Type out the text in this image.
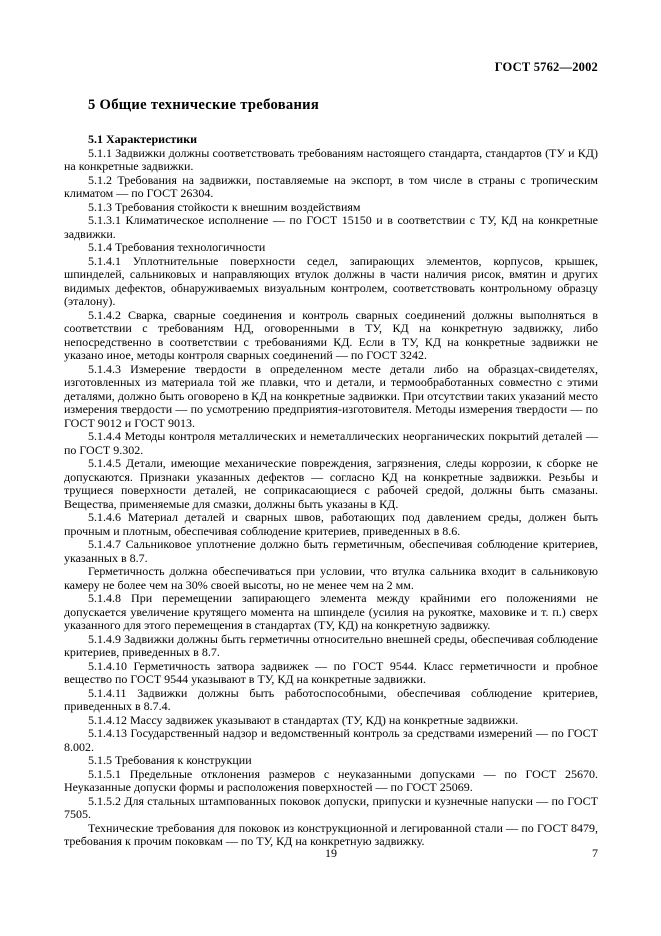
ГОСТ 5762—2002
5 Общие технические требования
5.1 Характеристики

5.1.1 Задвижки должны соответствовать требованиям настоящего стандарта, стандартов (ТУ и КД) на конкретные задвижки.

5.1.2 Требования на задвижки, поставляемые на экспорт, в том числе в страны с тропическим климатом — по ГОСТ 26304.

5.1.3 Требования стойкости к внешним воздействиям

5.1.3.1 Климатическое исполнение — по ГОСТ 15150 и в соответствии с ТУ, КД на конкретные задвижки.

5.1.4 Требования технологичности

5.1.4.1 Уплотнительные поверхности седел, запирающих элементов, корпусов, крышек, шпинделей, сальниковых и направляющих втулок должны в части наличия рисок, вмятин и других видимых дефектов, обнаруживаемых визуальным контролем, соответствовать контрольному образцу (эталону).

5.1.4.2 Сварка, сварные соединения и контроль сварных соединений должны выполняться в соответствии с требованиям НД, оговоренными в ТУ, КД на конкретную задвижку, либо непосредственно в соответствии с требованиями КД. Если в ТУ, КД на конкретные задвижки не указано иное, методы контроля сварных соединений — по ГОСТ 3242.

5.1.4.3 Измерение твердости в определенном месте детали либо на образцах-свидетелях, изготовленных из материала той же плавки, что и детали, и термообработанных совместно с этими деталями, должно быть оговорено в КД на конкретные задвижки. При отсутствии таких указаний место измерения твердости — по усмотрению предприятия-изготовителя. Методы измерения твердости — по ГОСТ 9012 и ГОСТ 9013.

5.1.4.4 Методы контроля металлических и неметаллических неорганических покрытий деталей — по ГОСТ 9.302.

5.1.4.5 Детали, имеющие механические повреждения, загрязнения, следы коррозии, к сборке не допускаются. Признаки указанных дефектов — согласно КД на конкретные задвижки. Резьбы и трущиеся поверхности деталей, не соприкасающиеся с рабочей средой, должны быть смазаны. Вещества, применяемые для смазки, должны быть указаны в КД.

5.1.4.6 Материал деталей и сварных швов, работающих под давлением среды, должен быть прочным и плотным, обеспечивая соблюдение критериев, приведенных в 8.6.

5.1.4.7 Сальниковое уплотнение должно быть герметичным, обеспечивая соблюдение критериев, указанных в 8.7.

Герметичность должна обеспечиваться при условии, что втулка сальника входит в сальниковую камеру не более чем на 30% своей высоты, но не менее чем на 2 мм.

5.1.4.8 При перемещении запирающего элемента между крайними его положениями не допускается увеличение крутящего момента на шпинделе (усилия на рукоятке, маховике и т. п.) сверх указанного для этого перемещения в стандартах (ТУ, КД) на конкретную задвижку.

5.1.4.9 Задвижки должны быть герметичны относительно внешней среды, обеспечивая соблюдение критериев, приведенных в 8.7.

5.1.4.10 Герметичность затвора задвижек — по ГОСТ 9544. Класс герметичности и пробное вещество по ГОСТ 9544 указывают в ТУ, КД на конкретные задвижки.

5.1.4.11 Задвижки должны быть работоспособными, обеспечивая соблюдение критериев, приведенных в 8.7.4.

5.1.4.12 Массу задвижек указывают в стандартах (ТУ, КД) на конкретные задвижки.

5.1.4.13 Государственный надзор и ведомственный контроль за средствами измерений — по ГОСТ 8.002.

5.1.5 Требования к конструкции

5.1.5.1 Предельные отклонения размеров с неуказанными допусками — по ГОСТ 25670. Неуказанные допуски формы и расположения поверхностей — по ГОСТ 25069.

5.1.5.2 Для стальных штампованных поковок допуски, припуски и кузнечные напуски — по ГОСТ 7505.

Технические требования для поковок из конструкционной и легированной стали — по ГОСТ 8479, требования к прочим поковкам — по ТУ, КД на конкретную задвижку.

19	7
